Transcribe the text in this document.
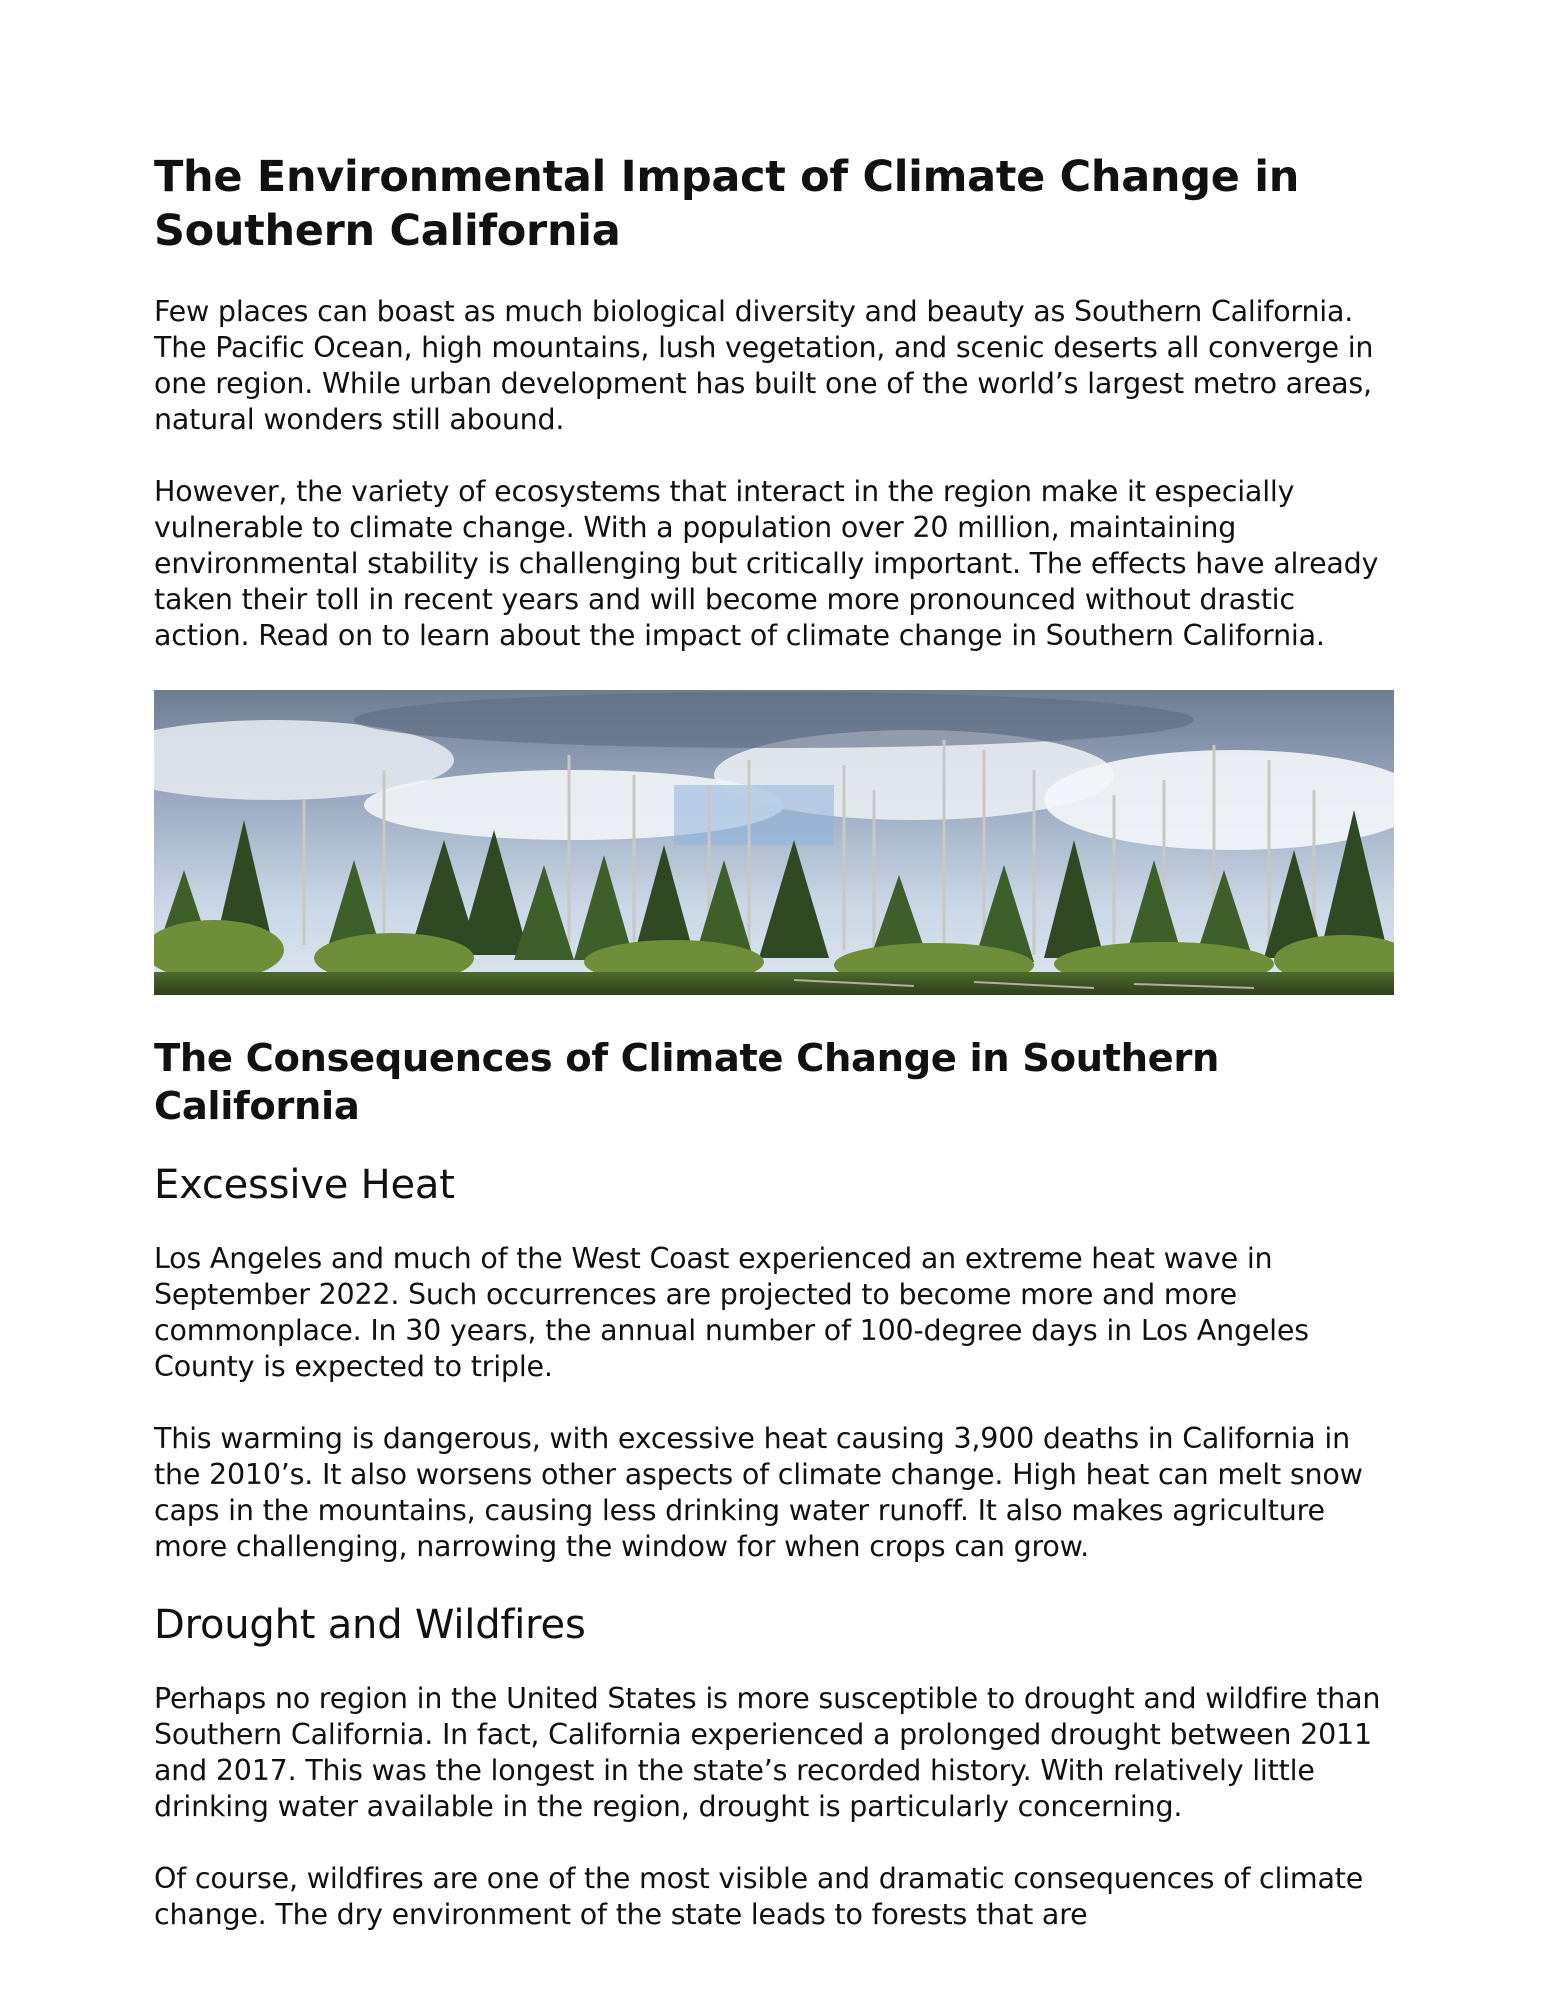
The Environmental Impact of Climate Change in Southern California

Few places can boast as much biological diversity and beauty as Southern California. The Pacific Ocean, high mountains, lush vegetation, and scenic deserts all converge in one region. While urban development has built one of the world’s largest metro areas, natural wonders still abound.

However, the variety of ecosystems that interact in the region make it especially vulnerable to climate change. With a population over 20 million, maintaining environmental stability is challenging but critically important. The effects have already taken their toll in recent years and will become more pronounced without drastic action. Read on to learn about the impact of climate change in Southern California.

The Consequences of Climate Change in Southern California
Excessive Heat

Los Angeles and much of the West Coast experienced an extreme heat wave in September 2022. Such occurrences are projected to become more and more commonplace. In 30 years, the annual number of 100-degree days in Los Angeles County is expected to triple.

This warming is dangerous, with excessive heat causing 3,900 deaths in California in the 2010’s. It also worsens other aspects of climate change. High heat can melt snow caps in the mountains, causing less drinking water runoff. It also makes agriculture more challenging, narrowing the window for when crops can grow.

Drought and Wildfires

Perhaps no region in the United States is more susceptible to drought and wildfire than Southern California. In fact, California experienced a prolonged drought between 2011 and 2017. This was the longest in the state’s recorded history. With relatively little drinking water available in the region, drought is particularly concerning.

Of course, wildfires are one of the most visible and dramatic consequences of climate change. The dry environment of the state leads to forests that are
